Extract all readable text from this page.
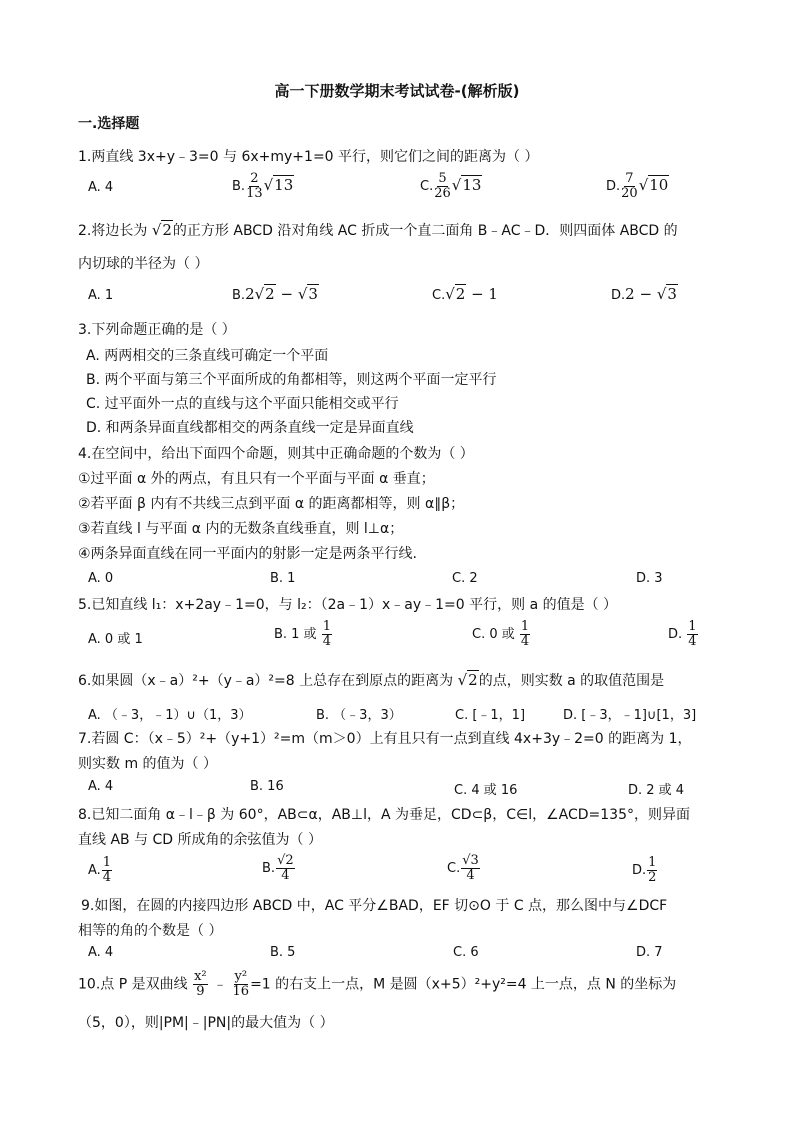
高一下册数学期末考试试卷-(解析版)
一.选择题
1.两直线 3x+y﹣3=0 与 6x+my+1=0 平行，则它们之间的距离为（ ）
A. 4	B. $\frac{2}{13} √13$	C. $\frac{5}{26} √13$	D. $\frac{7}{20} √10$
2.将边长为 √2的正方形 ABCD 沿对角线 AC 折成一个直二面角 B﹣AC﹣D．则四面体 ABCD 的
内切球的半径为（ ）
A. 1	B.2√2 − √3	C.√2 − 1	D.2 − √3
3.下列命题正确的是（ ）
A. 两两相交的三条直线可确定一个平面
B. 两个平面与第三个平面所成的角都相等，则这两个平面一定平行
C. 过平面外一点的直线与这个平面只能相交或平行
D. 和两条异面直线都相交的两条直线一定是异面直线
4.在空间中，给出下面四个命题，则其中正确命题的个数为（ ）
①过平面 α 外的两点，有且只有一个平面与平面 α 垂直；
②若平面 β 内有不共线三点到平面 α 的距离都相等，则 α∥β；
③若直线 l 与平面 α 内的无数条直线垂直，则 l⊥α；
④两条异面直线在同一平面内的射影一定是两条平行线.
A. 0	B. 1	C. 2	D. 3
5.已知直线 l₁：x+2ay﹣1=0，与 l₂：（2a﹣1）x﹣ay﹣1=0 平行，则 a 的值是（ ）
A. 0 或 1	B. 1 或 $\frac{1}{4}$	C. 0 或 $\frac{1}{4}$	D. $\frac{1}{4}$
6.如果圆（x﹣a）²+（y﹣a）²=8 上总存在到原点的距离为 √2的点，则实数 a 的取值范围是
A. （﹣3，﹣1）∪（1，3）	B. （﹣3，3）	C. [﹣1，1]	D. [﹣3，﹣1]∪[1，3]
7.若圆 C：（x﹣5）²+（y+1）²=m（m＞0）上有且只有一点到直线 4x+3y﹣2=0 的距离为 1，
则实数 m 的值为（ ）
A. 4	B. 16	C. 4 或 16	D. 2 或 4
8.已知二面角 α﹣l﹣β 为 60°，AB⊂α，AB⊥l，A 为垂足，CD⊂β，C∈l，∠ACD=135°，则异面
直线 AB 与 CD 所成角的余弦值为（ ）
A. $\frac{1}{4}$	B. $\frac{√2}{4}$	C. $\frac{√3}{4}$	D. $\frac{1}{2}$
9.如图，在圆的内接四边形 ABCD 中，AC 平分∠BAD，EF 切⊙O 于 C 点，那么图中与∠DCF
相等的角的个数是（ ）
A. 4	B. 5	C. 6	D. 7
10.点 P 是双曲线 $\frac{\text{x²}}{9}$ ﹣ $\frac{\text{y²}}{16} =1$ 的右支上一点，M 是圆（x+5）²+y²=4 上一点，点 N 的坐标为
（5，0），则|PM|﹣|PN|的最大值为（ ）
